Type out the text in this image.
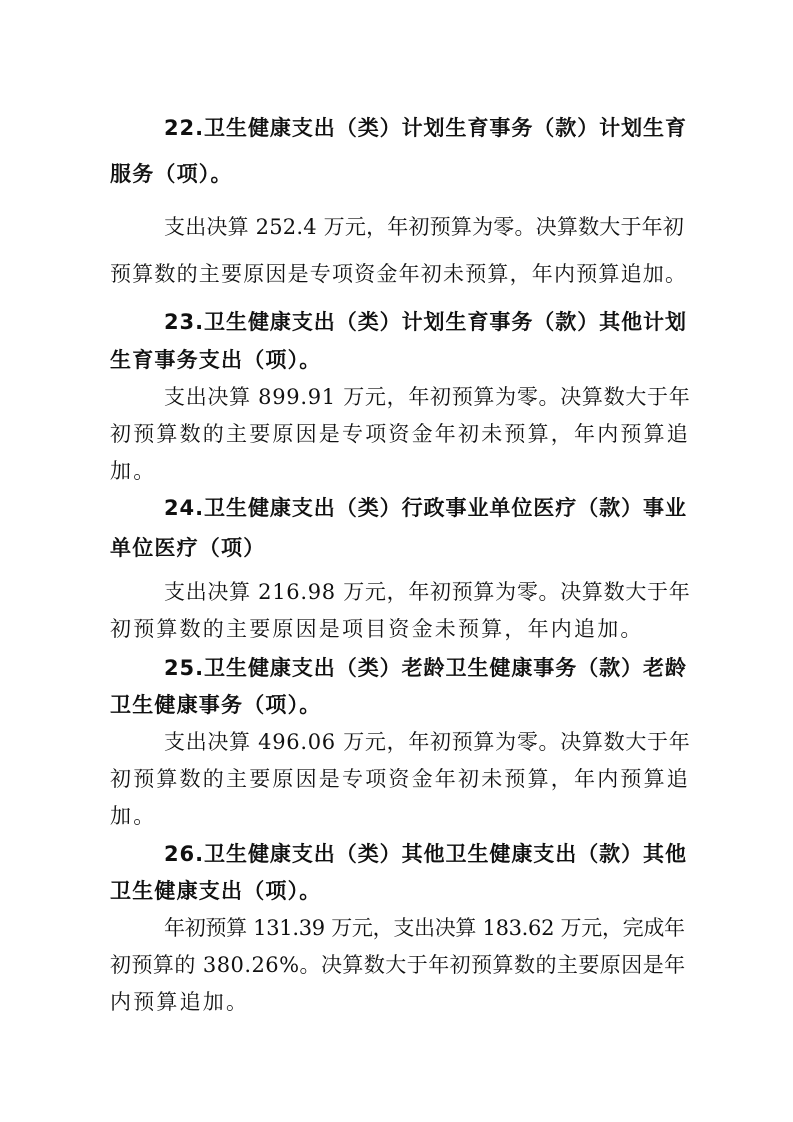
22.卫生健康支出（类）计划生育事务（款）计划生育
服务（项）。
支出决算 252.4 万元，年初预算为零。决算数大于年初
预算数的主要原因是专项资金年初未预算，年内预算追加。
23.卫生健康支出（类）计划生育事务（款）其他计划
生育事务支出（项）。
支出决算 899.91 万元，年初预算为零。决算数大于年
初预算数的主要原因是专项资金年初未预算，年内预算追
加。
24.卫生健康支出（类）行政事业单位医疗（款）事业
单位医疗（项）
支出决算 216.98 万元，年初预算为零。决算数大于年
初预算数的主要原因是项目资金未预算，年内追加。
25.卫生健康支出（类）老龄卫生健康事务（款）老龄
卫生健康事务（项）。
支出决算 496.06 万元，年初预算为零。决算数大于年
初预算数的主要原因是专项资金年初未预算，年内预算追
加。
26.卫生健康支出（类）其他卫生健康支出（款）其他
卫生健康支出（项）。
年初预算 131.39 万元，支出决算 183.62 万元，完成年
初预算的 380.26%。决算数大于年初预算数的主要原因是年
内预算追加。
